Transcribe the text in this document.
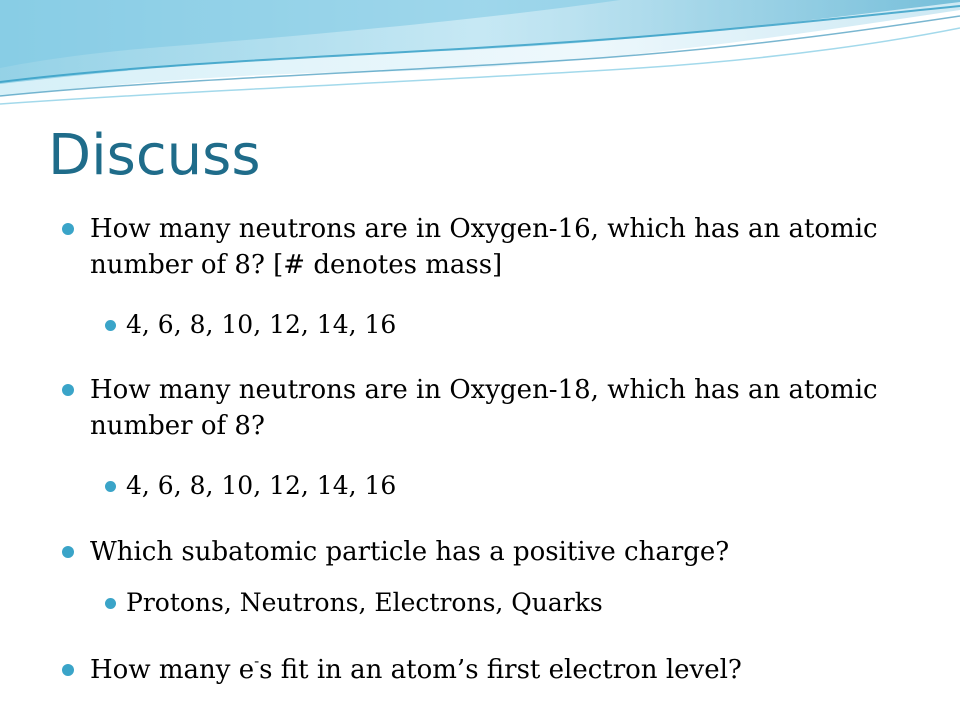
Discuss
How many neutrons are in Oxygen-16, which has an atomic number of 8? [# denotes mass]
4, 6, 8, 10, 12, 14, 16
How many neutrons are in Oxygen-18, which has an atomic number of 8?
4, 6, 8, 10, 12, 14, 16
Which subatomic particle has a positive charge?
Protons, Neutrons, Electrons, Quarks
How many e-s fit in an atom’s first electron level?
